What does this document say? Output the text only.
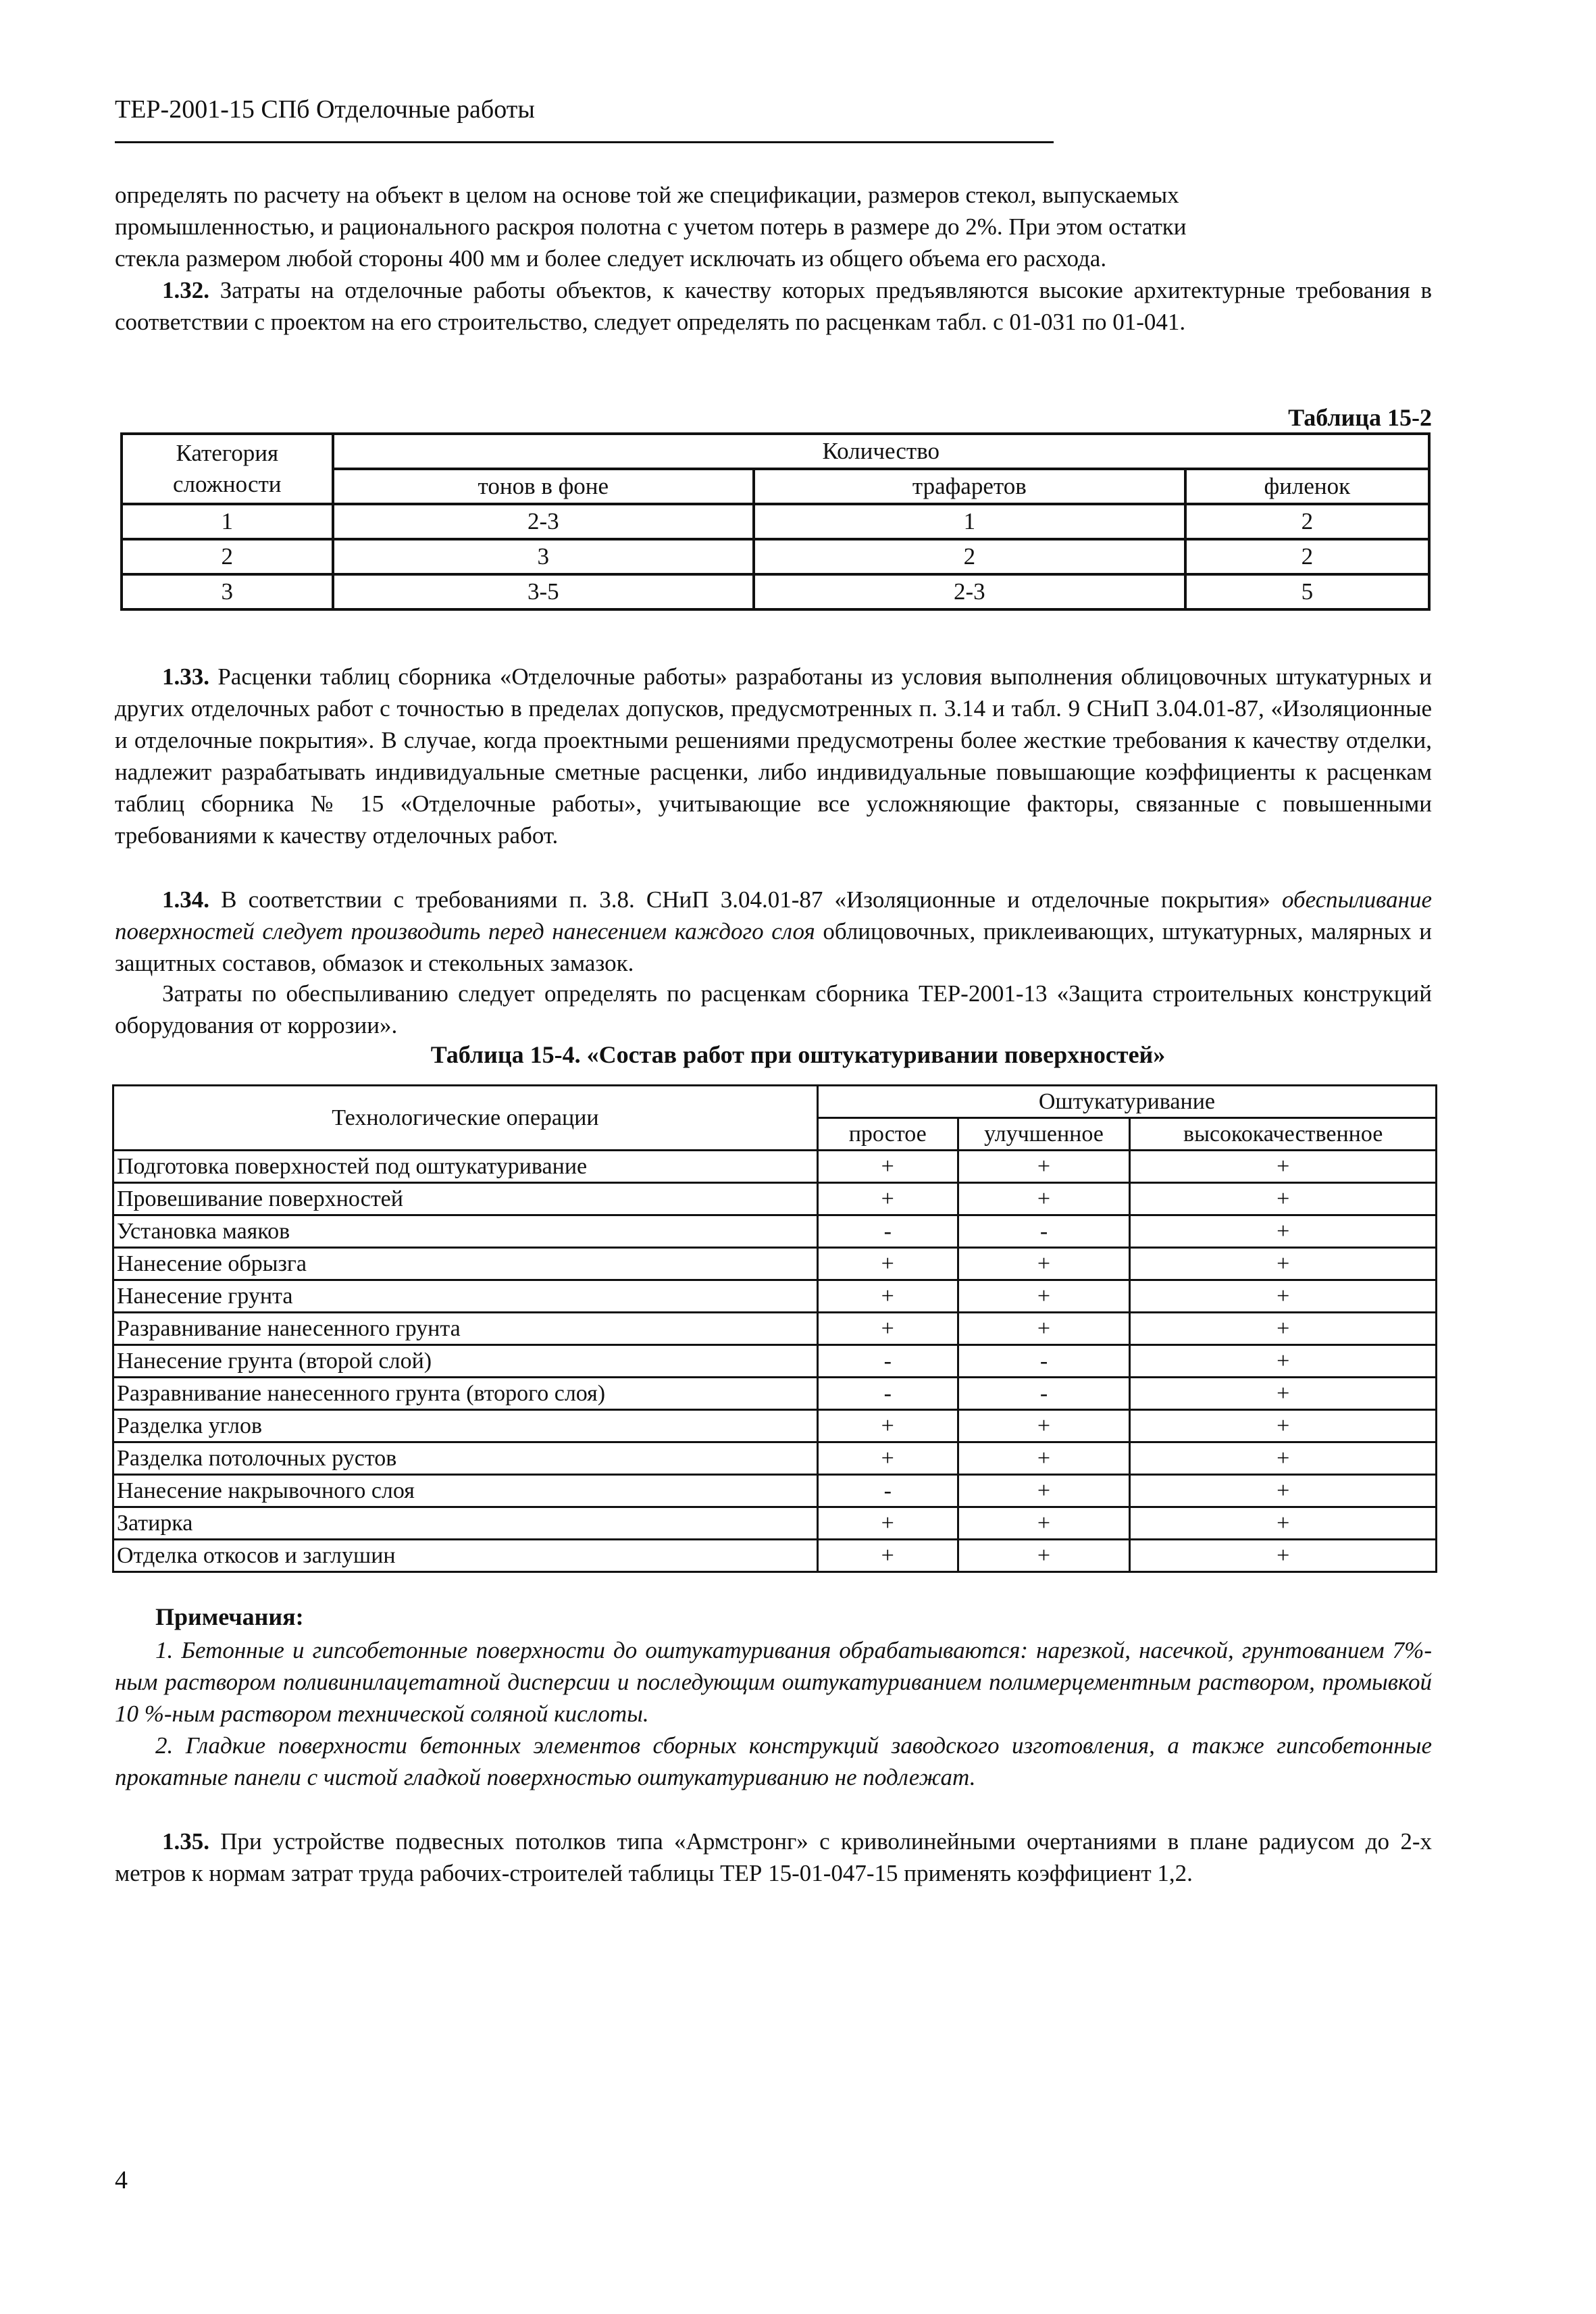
ТЕР-2001-15 СПб Отделочные работы
определять по расчету на объект в целом на основе той же спецификации, размеров стекол, выпускаемых
промышленностью, и рационального раскроя полотна с учетом потерь в размере до 2%. При этом остатки
стекла размером любой стороны 400 мм и более следует исключать из общего объема его расхода.
1.32. Затраты на отделочные работы объектов, к качеству которых предъявляются высокие архитектурные требования в соответствии с проектом на его строительство, следует определять по расценкам табл. с 01-031 по 01-041.
Таблица 15-2
Категория сложности	Количество		
	тонов в фоне	трафаретов	филенок
1	2-3	1	2
2	3	2	2
3	3-5	2-3	5
1.33. Расценки таблиц сборника «Отделочные работы» разработаны из условия выполнения облицовочных штукатурных и других отделочных работ с точностью в пределах допусков, предусмотренных п. 3.14 и табл. 9 СНиП 3.04.01-87, «Изоляционные и отделочные покрытия». В случае, когда проектными решениями предусмотрены более жесткие требования к качеству отделки, надлежит разрабатывать индивидуальные сметные расценки, либо индивидуальные повышающие коэффициенты к расценкам таблиц сборника № 15 «Отделочные работы», учитывающие все усложняющие факторы, связанные с повышенными требованиями к качеству отделочных работ.
1.34. В соответствии с требованиями п. 3.8. СНиП 3.04.01-87 «Изоляционные и отделочные покрытия» обеспыливание поверхностей следует производить перед нанесением каждого слоя облицовочных, приклеивающих, штукатурных, малярных и защитных составов, обмазок и стекольных замазок.
Затраты по обеспыливанию следует определять по расценкам сборника ТЕР-2001-13 «Защита строительных конструкций оборудования от коррозии».
Таблица 15-4. «Состав работ при оштукатуривании поверхностей»
Технологические операции	Оштукатуривание		
	простое	улучшенное	высококачественное
Подготовка поверхностей под оштукатуривание	+	+	+
Провешивание поверхностей	+	+	+
Установка маяков	-	-	+
Нанесение обрызга	+	+	+
Нанесение грунта	+	+	+
Разравнивание нанесенного грунта	+	+	+
Нанесение грунта (второй слой)	-	-	+
Разравнивание нанесенного грунта (второго слоя)	-	-	+
Разделка углов	+	+	+
Разделка потолочных рустов	+	+	+
Нанесение накрывочного слоя	-	+	+
Затирка	+	+	+
Отделка откосов и заглушин	+	+	+
Примечания:
1. Бетонные и гипсобетонные поверхности до оштукатуривания обрабатываются: нарезкой, насечкой, грунтованием 7%-ным раствором поливинилацетатной дисперсии и последующим оштукатуриванием полимерцементным раствором, промывкой 10 %-ным раствором технической соляной кислоты.
2. Гладкие поверхности бетонных элементов сборных конструкций заводского изготовления, а также гипсобетонные прокатные панели с чистой гладкой поверхностью оштукатуриванию не подлежат.
1.35. При устройстве подвесных потолков типа «Армстронг» с криволинейными очертаниями в плане радиусом до 2-х метров к нормам затрат труда рабочих-строителей таблицы ТЕР 15-01-047-15 применять коэффициент 1,2.
4
